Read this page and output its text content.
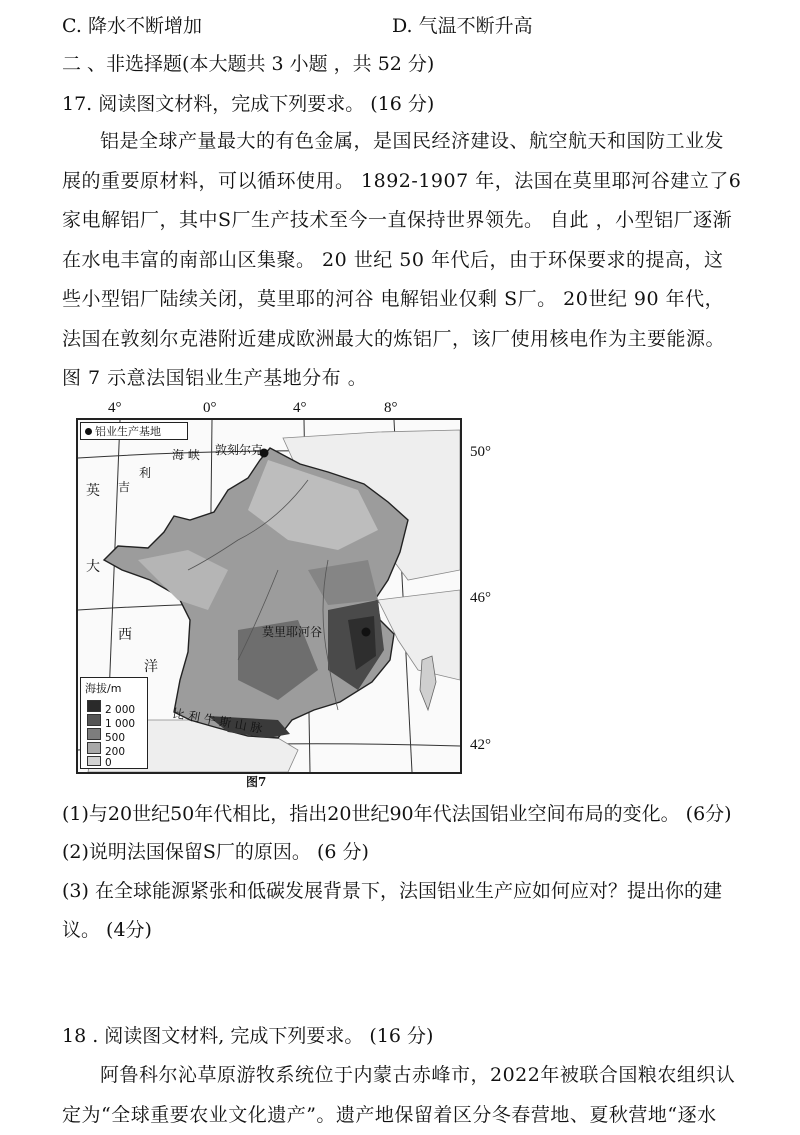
C. 降水不断增加	D. 气温不断升高
二 、非选择题(本大题共 3 小题 ，共 52 分)
17. 阅读图文材料，完成下列要求。 (16 分)
铝是全球产量最大的有色金属，是国民经济建设、航空航天和国防工业发
展的重要原材料，可以循环使用。 1892-1907 年，法国在莫里耶河谷建立了6
家电解铝厂，其中S厂生产技术至今一直保持世界领先。 自此 ，小型铝厂逐渐
在水电丰富的南部山区集聚。 20 世纪 50 年代后，由于环保要求的提高，这
些小型铝厂陆续关闭，莫里耶的河谷 电解铝业仅剩 S厂。 20世纪 90 年代，
法国在敦刻尔克港附近建成欧洲最大的炼铝厂，该厂使用核电作为主要能源。
图 7 示意法国铝业生产基地分布 。
4°	0°	4°	8°
50°
46°
42°
铝业生产基地
海 峡 敦刻尔克
英 吉
利
大
西
洋
莫里耶河谷
比 利 牛 斯 山 脉
海拔/m
2 000
1 000
500
200
0
图7
(1)与20世纪50年代相比，指出20世纪90年代法国铝业空间布局的变化。 (6分)
(2)说明法国保留S厂的原因。 (6 分)
(3) 在全球能源紧张和低碳发展背景下，法国铝业生产应如何应对？提出你的建
议。 (4分)
18 . 阅读图文材料, 完成下列要求。 (16 分)
阿鲁科尔沁草原游牧系统位于内蒙古赤峰市，2022年被联合国粮农组织认
定为“全球重要农业文化遗产”。遗产地保留着区分冬春营地、夏秋营地“逐水
